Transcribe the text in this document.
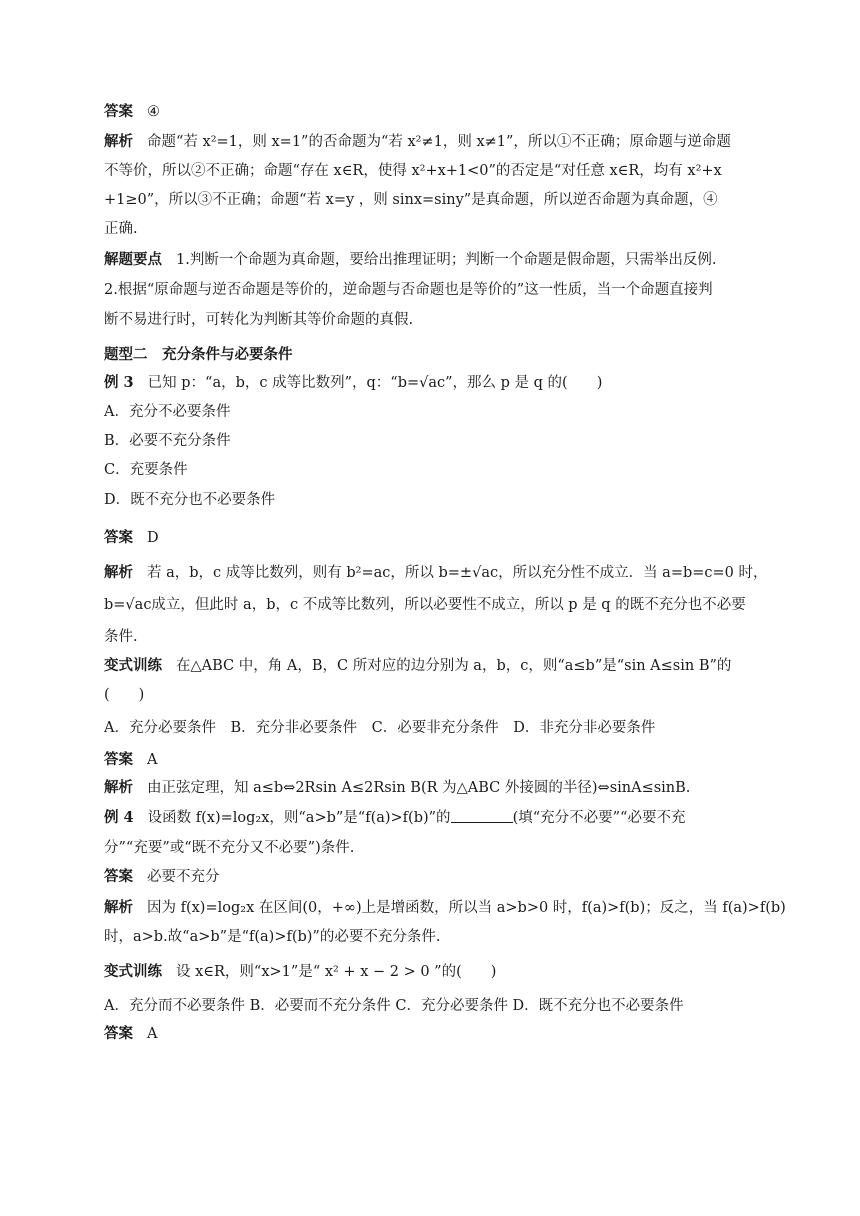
答案 ④
解析 命题“若 x²=1，则 x=1”的否命题为“若 x²≠1，则 x≠1”，所以①不正确；原命题与逆命题
不等价，所以②不正确；命题“存在 x∈R，使得 x²+x+1<0”的否定是“对任意 x∈R，均有 x²+x
+1≥0”，所以③不正确；命题“若 x=y ，则 sinx=siny”是真命题，所以逆否命题为真命题，④
正确.
解题要点 1.判断一个命题为真命题，要给出推理证明；判断一个命题是假命题，只需举出反例.
2.根据“原命题与逆否命题是等价的，逆命题与否命题也是等价的”这一性质，当一个命题直接判
断不易进行时，可转化为判断其等价命题的真假.
题型二　充分条件与必要条件
例 3 已知 p：“a，b，c 成等比数列”，q：“b=√ac”，那么 p 是 q 的(　　)
A．充分不必要条件
B．必要不充分条件
C．充要条件
D．既不充分也不必要条件
答案 D
解析 若 a，b，c 成等比数列，则有 b²=ac，所以 b=±√ac，所以充分性不成立．当 a=b=c=0 时，
b=√ac成立，但此时 a，b，c 不成等比数列，所以必要性不成立，所以 p 是 q 的既不充分也不必要
条件.
变式训练 在△ABC 中，角 A，B，C 所对应的边分别为 a，b，c，则“a≤b”是“sin A≤sin B”的
(　　)
A．充分必要条件　B．充分非必要条件　C．必要非充分条件　D．非充分非必要条件
答案 A
解析 由正弦定理，知 a≤b⇔2Rsin A≤2Rsin B(R 为△ABC 外接圆的半径)⇔sinA≤sinB.
例 4 设函数 f(x)=log₂x，则“a>b”是“f(a)>f(b)”的	(填“充分不必要”“必要不充
分”“充要”或“既不充分又不必要”)条件.
答案 必要不充分
解析 因为 f(x)=log₂x 在区间(0，+∞)上是增函数，所以当 a>b>0 时，f(a)>f(b)；反之，当 f(a)>f(b)
时，a>b.故“a>b”是“f(a)>f(b)”的必要不充分条件.
变式训练 设 x∈R，则“x>1”是“ x² + x − 2 > 0 ”的(　　)
A．充分而不必要条件 B．必要而不充分条件 C．充分必要条件 D．既不充分也不必要条件
答案 A
